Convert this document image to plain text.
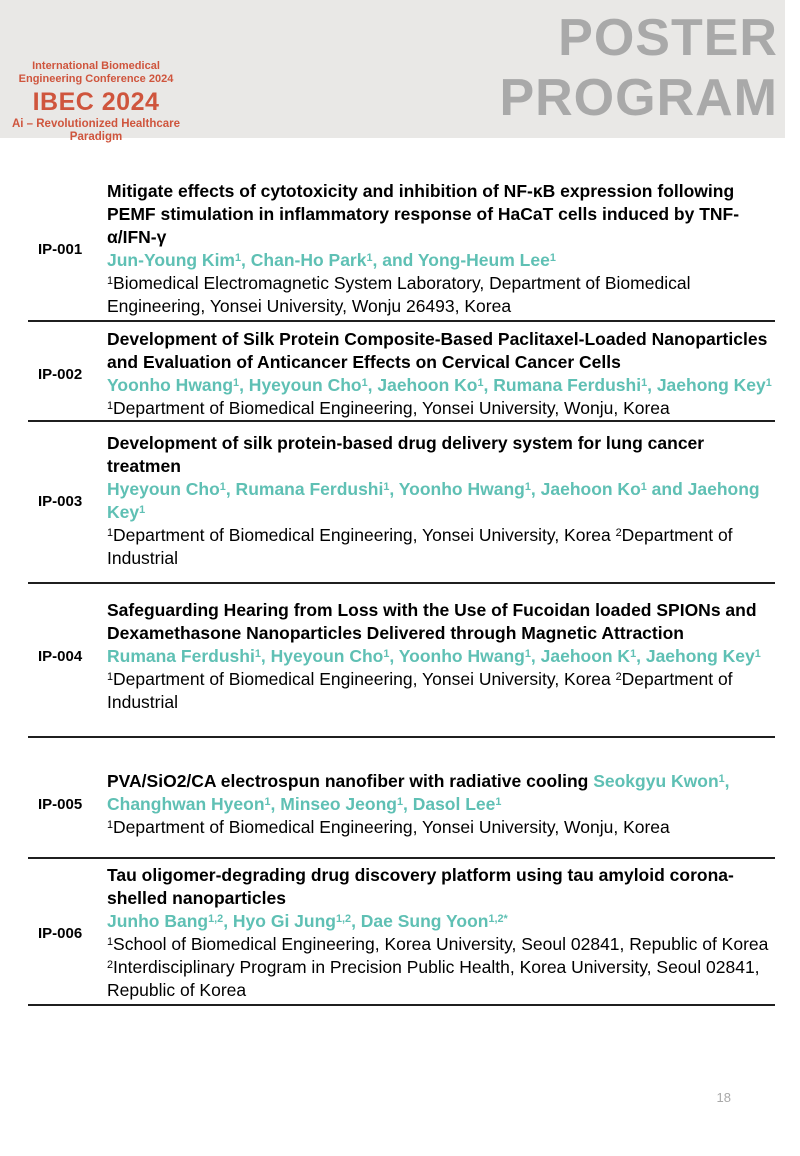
International Biomedical
Engineering Conference 2024
IBEC 2024
Ai – Revolutionized Healthcare Paradigm
POSTER
PROGRAM
IP-001

Mitigate effects of cytotoxicity and inhibition of NF-κB expression following PEMF stimulation in inflammatory response of HaCaT cells induced by TNF-α/IFN-γ
Jun-Young Kim$^1$, Chan-Ho Park$^1$, and Yong-Heum Lee$^1$

$^1$Biomedical Electromagnetic System Laboratory, Department of Biomedical Engineering, Yonsei University, Wonju 26493, Korea

IP-002

Development of Silk Protein Composite-Based Paclitaxel-Loaded Nanoparticles and Evaluation of Anticancer Effects on Cervical Cancer Cells
Yoonho Hwang$^1$, Hyeyoun Cho$^1$, Jaehoon Ko$^1$, Rumana Ferdushi$^1$, Jaehong Key$^1$

$^1$Department of Biomedical Engineering, Yonsei University, Wonju, Korea

IP-003

Development of silk protein-based drug delivery system for lung cancer treatmen
Hyeyoun Cho$^1$, Rumana Ferdushi$^1$, Yoonho Hwang$^1$, Jaehoon Ko$^1$ and Jaehong Key$^1$

$^1$Department of Biomedical Engineering, Yonsei University, Korea $^2$Department of Industrial

IP-004

Safeguarding Hearing from Loss with the Use of Fucoidan loaded SPIONs and Dexamethasone Nanoparticles Delivered through Magnetic Attraction
Rumana Ferdushi$^1$, Hyeyoun Cho$^1$, Yoonho Hwang$^1$, Jaehoon $K^1$, Jaehong Key$^1$

$^1$Department of Biomedical Engineering, Yonsei University, Korea $^2$Department of Industrial

IP-005

PVA/SiO2/CA electrospun nanofiber with radiative cooling Seokgyu Kwon$^1$, Changhwan Hyeon$^1$, Minseo Jeong$^1$, Dasol Lee$^1$

$^1$Department of Biomedical Engineering, Yonsei University, Wonju, Korea

IP-006

Tau oligomer-degrading drug discovery platform using tau amyloid corona-shelled nanoparticles
Junho Bang$^{1,2}$, Hyo Gi Jung$^{1,2}$, Dae Sung Yoon$^{1,2*}$

$^1$School of Biomedical Engineering, Korea University, Seoul 02841, Republic of Korea

$^2$Interdisciplinary Program in Precision Public Health, Korea University, Seoul 02841, Republic of Korea

18
